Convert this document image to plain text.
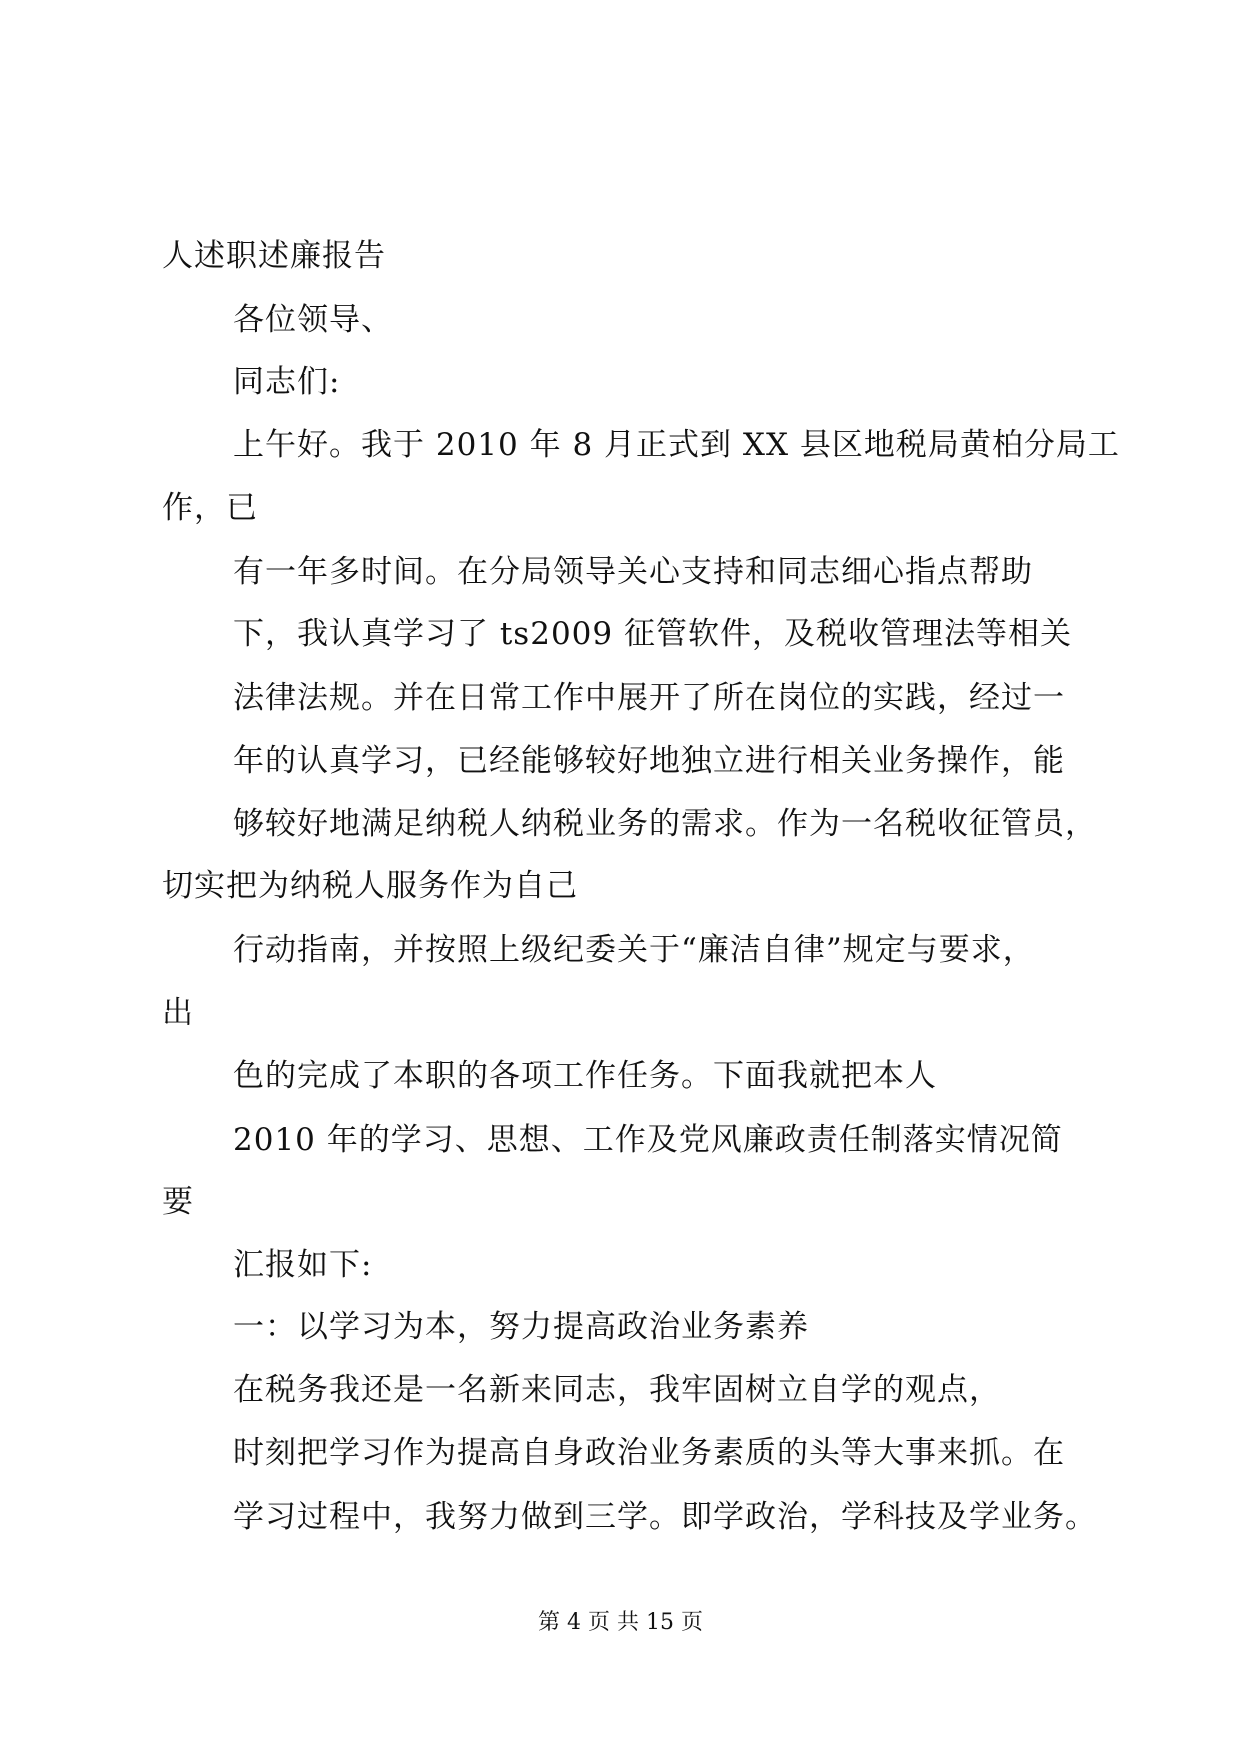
人述职述廉报告
各位领导、
同志们:
上午好。我于 2010 年 8 月正式到 XX 县区地税局黄柏分局工
作，已
有一年多时间。在分局领导关心支持和同志细心指点帮助
下，我认真学习了 ts2009 征管软件，及税收管理法等相关
法律法规。并在日常工作中展开了所在岗位的实践，经过一
年的认真学习，已经能够较好地独立进行相关业务操作，能
够较好地满足纳税人纳税业务的需求。作为一名税收征管员，
切实把为纳税人服务作为自己
行动指南，并按照上级纪委关于“廉洁自律”规定与要求，
出
色的完成了本职的各项工作任务。下面我就把本人
2010 年的学习、思想、工作及党风廉政责任制落实情况简
要
汇报如下:
一：以学习为本，努力提高政治业务素养
在税务我还是一名新来同志，我牢固树立自学的观点，
时刻把学习作为提高自身政治业务素质的头等大事来抓。在
学习过程中，我努力做到三学。即学政治，学科技及学业务。
第 4 页 共 15 页
